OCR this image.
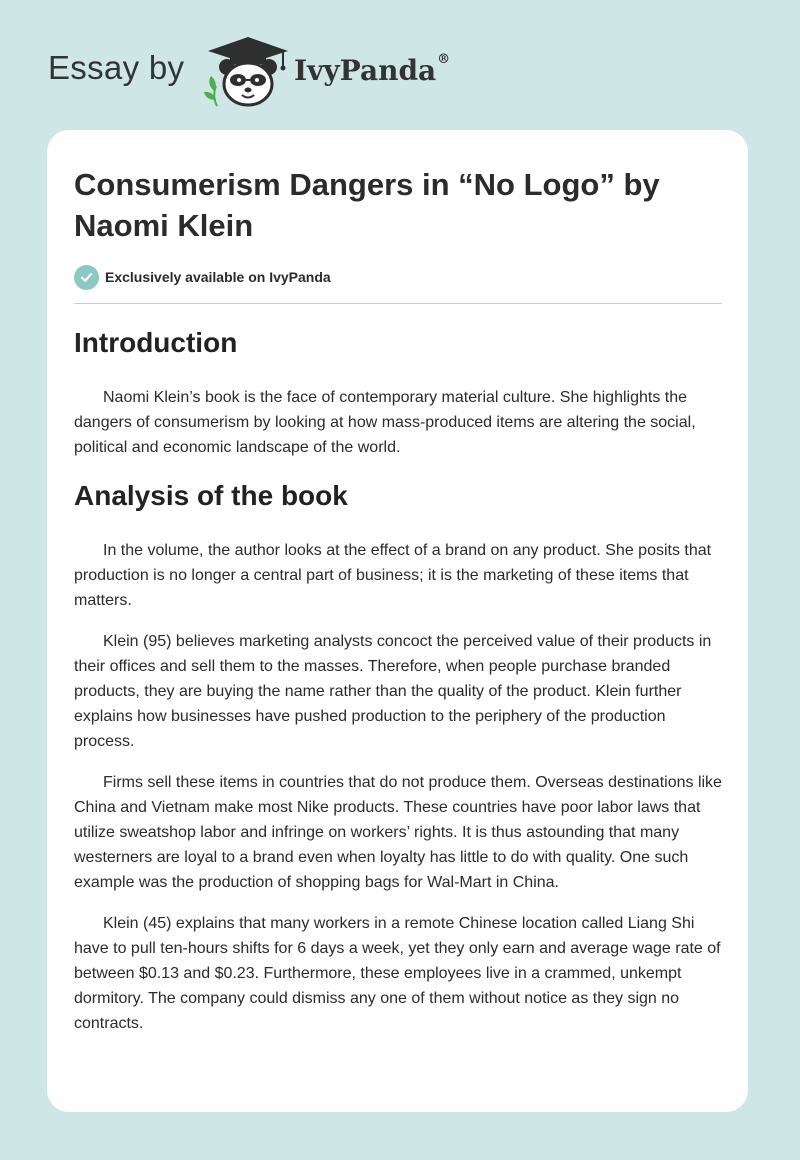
Essay by	IvyPanda®
Consumerism Dangers in “No Logo” by Naomi Klein
Exclusively available on IvyPanda
Introduction

Naomi Klein’s book is the face of contemporary material culture. She highlights the dangers of consumerism by looking at how mass-produced items are altering the social, political and economic landscape of the world.

Analysis of the book

In the volume, the author looks at the effect of a brand on any product. She posits that production is no longer a central part of business; it is the marketing of these items that matters.

Klein (95) believes marketing analysts concoct the perceived value of their products in their offices and sell them to the masses. Therefore, when people purchase branded products, they are buying the name rather than the quality of the product. Klein further explains how businesses have pushed production to the periphery of the production process.

Firms sell these items in countries that do not produce them. Overseas destinations like China and Vietnam make most Nike products. These countries have poor labor laws that utilize sweatshop labor and infringe on workers’ rights. It is thus astounding that many westerners are loyal to a brand even when loyalty has little to do with quality. One such example was the production of shopping bags for Wal-Mart in China.

Klein (45) explains that many workers in a remote Chinese location called Liang Shi have to pull ten-hours shifts for 6 days a week, yet they only earn and average wage rate of between $0.13 and $0.23. Furthermore, these employees live in a crammed, unkempt dormitory. The company could dismiss any one of them without notice as they sign no contracts.
